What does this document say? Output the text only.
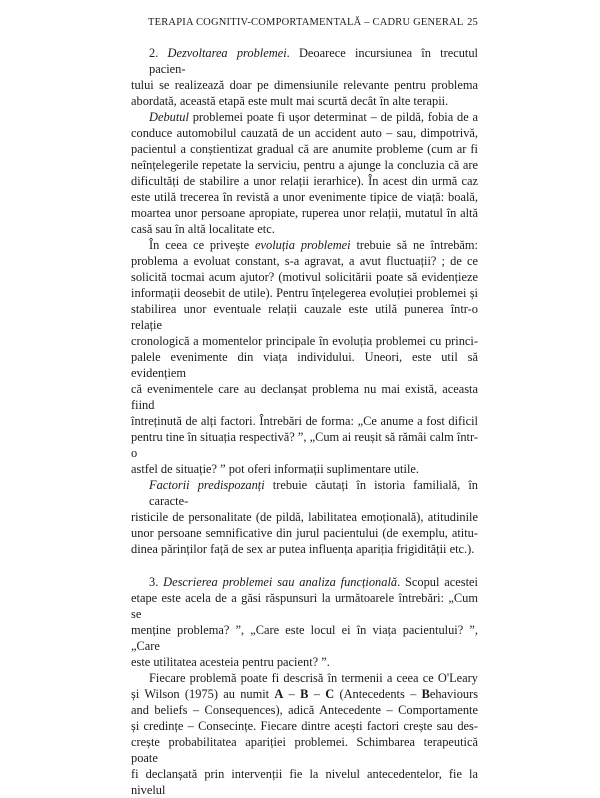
TERAPIA COGNITIV-COMPORTAMENTALĂ – CADRU GENERAL 25
2. Dezvoltarea problemei. Deoarece incursiunea în trecutul pacien-
tului se realizează doar pe dimensiunile relevante pentru problema
abordată, această etapă este mult mai scurtă decât în alte terapii.
Debutul problemei poate fi ușor determinat – de pildă, fobia de a
conduce automobilul cauzată de un accident auto – sau, dimpotrivă,
pacientul a conștientizat gradual că are anumite probleme (cum ar fi
neînțelegerile repetate la serviciu, pentru a ajunge la concluzia că are
dificultăți de stabilire a unor relații ierarhice). În acest din urmă caz
este utilă trecerea în revistă a unor evenimente tipice de viață: boală,
moartea unor persoane apropiate, ruperea unor relații, mutatul în altă
casă sau în altă localitate etc.
În ceea ce privește evoluția problemei trebuie să ne întrebăm:
problema a evoluat constant, s-a agravat, a avut fluctuații? ; de ce
solicită tocmai acum ajutor? (motivul solicitării poate să evidențieze
informații deosebit de utile). Pentru înțelegerea evoluției problemei și
stabilirea unor eventuale relații cauzale este utilă punerea într-o relație
cronologică a momentelor principale în evoluția problemei cu princi-
palele evenimente din viața individului. Uneori, este util să evidențiem
că evenimentele care au declanșat problema nu mai există, aceasta fiind
întreținută de alți factori. Întrebări de forma: „Ce anume a fost dificil
pentru tine în situația respectivă? ”, „Cum ai reușit să rămâi calm într-o
astfel de situație? ” pot oferi informații suplimentare utile.
Factorii predispozanți trebuie căutați în istoria familială, în caracte-
risticile de personalitate (de pildă, labilitatea emoțională), atitudinile
unor persoane semnificative din jurul pacientului (de exemplu, atitu-
dinea părinților față de sex ar putea influența apariția frigidității etc.).
3. Descrierea problemei sau analiza funcțională. Scopul acestei
etape este acela de a găsi răspunsuri la următoarele întrebări: „Cum se
menține problema? ”, „Care este locul ei în viața pacientului? ”, „Care
este utilitatea acesteia pentru pacient? ”.
Fiecare problemă poate fi descrisă în termenii a ceea ce O'Leary
și Wilson (1975) au numit A – B – C (Antecedents – Behaviours
and beliefs – Consequences), adică Antecedente – Comportamente
și credințe – Consecințe. Fiecare dintre acești factori crește sau des-
crește probabilitatea apariției problemei. Schimbarea terapeutică poate
fi declanșată prin intervenții fie la nivelul antecedentelor, fie la nivelul
